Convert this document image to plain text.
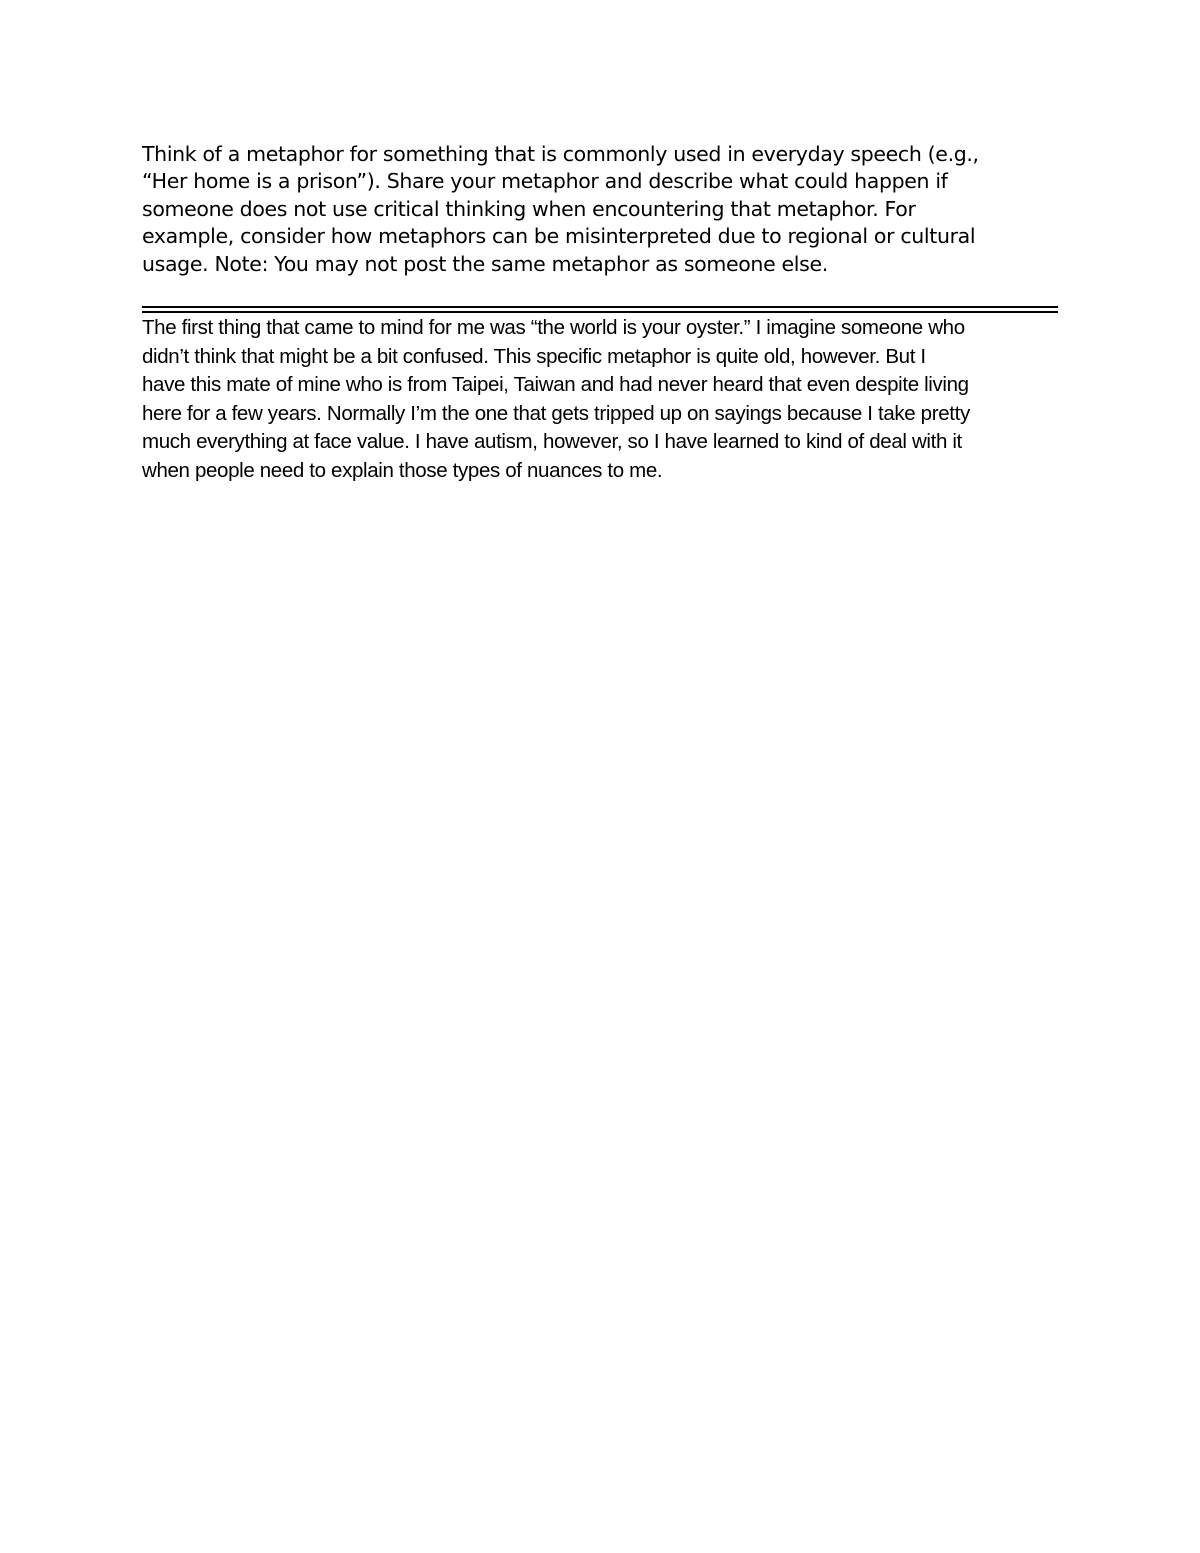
Think of a metaphor for something that is commonly used in everyday speech (e.g.,
“Her home is a prison”). Share your metaphor and describe what could happen if
someone does not use critical thinking when encountering that metaphor. For
example, consider how metaphors can be misinterpreted due to regional or cultural
usage. Note: You may not post the same metaphor as someone else.

The first thing that came to mind for me was “the world is your oyster.” I imagine someone who
didn’t think that might be a bit confused. This specific metaphor is quite old, however. But I
have this mate of mine who is from Taipei, Taiwan and had never heard that even despite living
here for a few years. Normally I’m the one that gets tripped up on sayings because I take pretty
much everything at face value. I have autism, however, so I have learned to kind of deal with it
when people need to explain those types of nuances to me.
